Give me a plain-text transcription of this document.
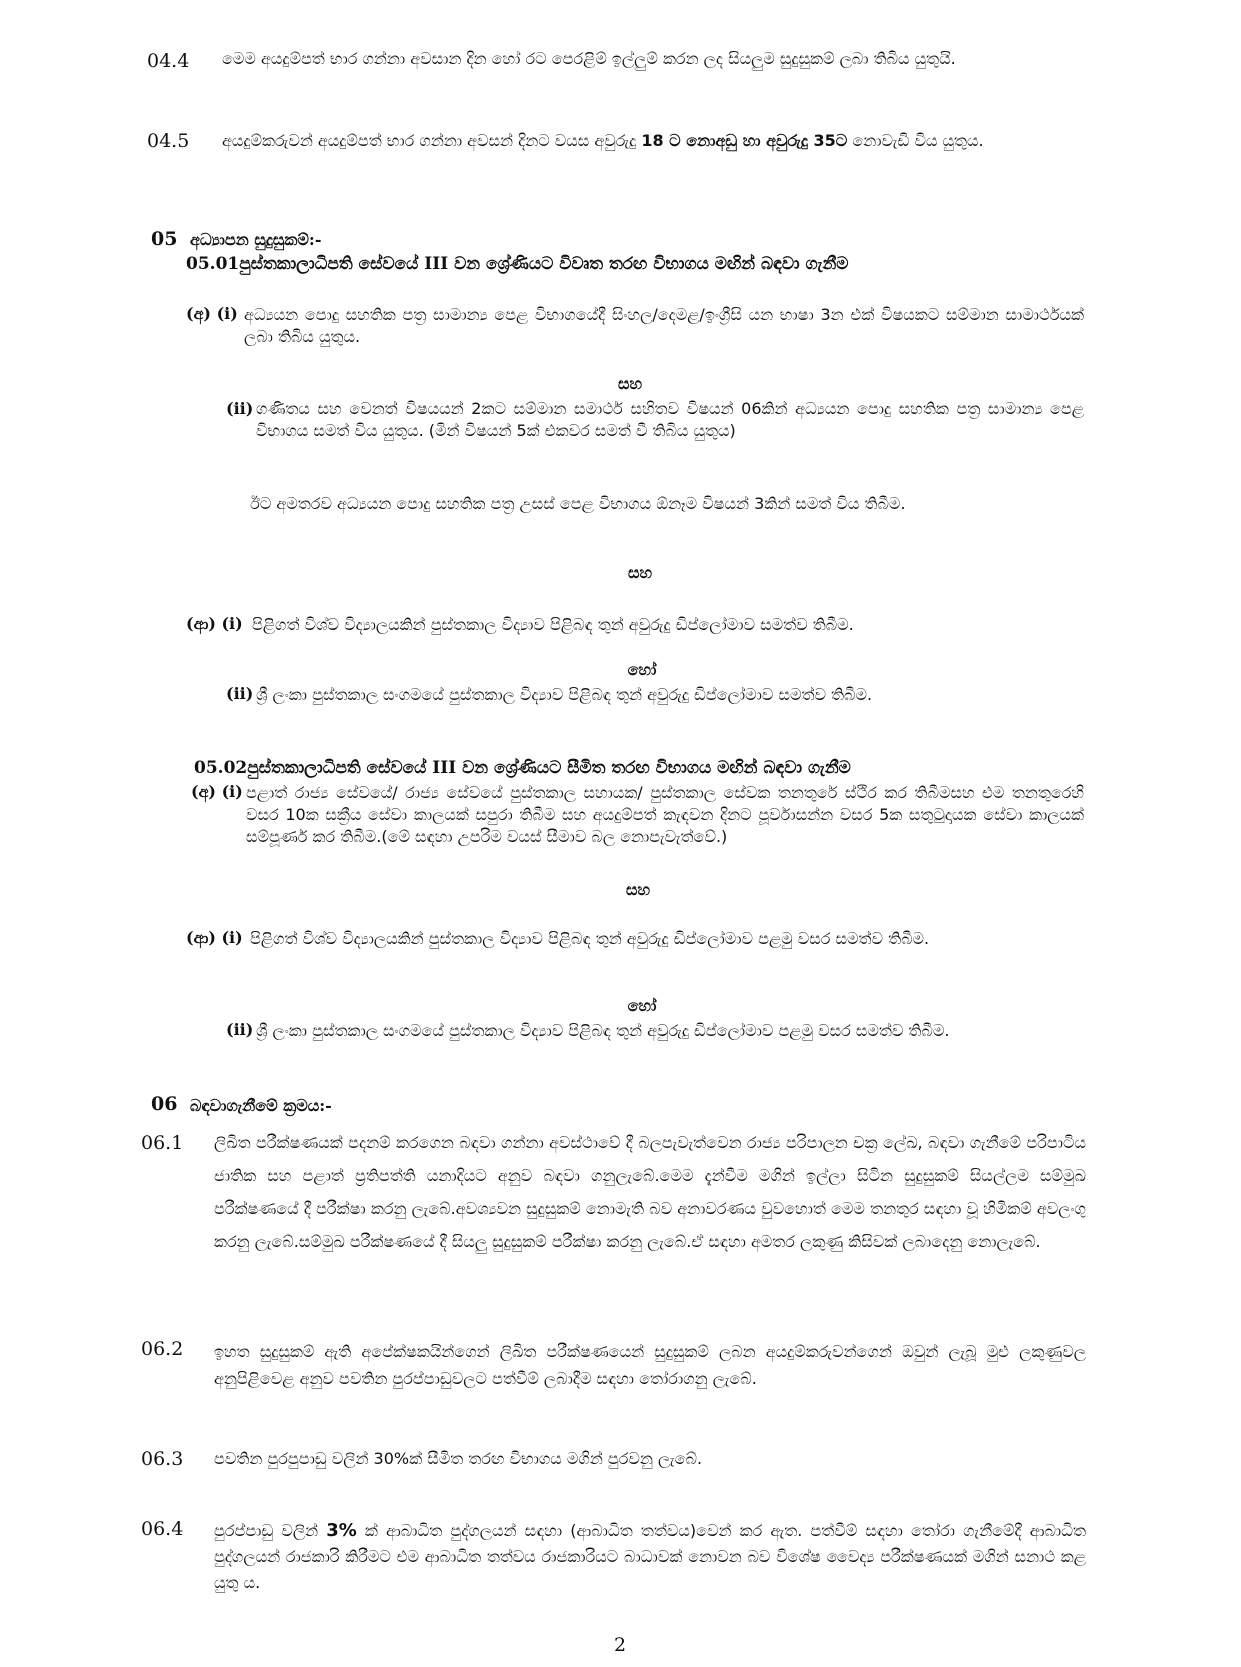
04.4 මෙම අයදුම්පත් භාර ගන්නා අවසාන දින හෝ රට පෙරළිම් ඉල්ලුම් කරන ලද සියලුම සුදුසුකම් ලබා තිබිය යුතුයි.
04.5 අයදුම්කරුවන් අයදුම්පත් භාර ගන්නා අවසන් දිනට වයස අවුරුදු 18 ට නොඅඩු හා අවුරුදු 35ට නොවැඩි විය යුතුය.
05 අධ්‍යාපන සුදුසුකම්:-
05.01පුස්තකාලාධිපති සේවයේ III වන ශ්‍රේණියට විවෘත තරඟ විභාගය මඟින් බඳවා ගැනීම
(අ) (i) අධ්‍යයන පොදු සහතික පත්‍ර සාමාන්‍ය පෙළ විභාගයේදී සිංහල/දෙමළ/ඉංග්‍රීසි යන භාෂා 3න එක් විෂයකට සම්මාන සාමාර්ථයක් ලබා තිබිය යුතුය.
සහ
(ii) ගණිතය සහ වෙනත් විෂයයන් 2කට සම්මාන සමාර්ථ සහිතව විෂයන් 06කින් අධ්‍යයන පොදු සහතික පත්‍ර සාමාන්‍ය පෙළ විභාගය සමත් විය යුතුය. (මින් විෂයන් 5ක් එකවර සමත් වී තිබිය යුතුය)
ඊට අමතරව අධ්‍යයන පොදු සහතික පත්‍ර උසස් පෙළ විභාගය ඕනෑම විෂයන් 3කින් සමත් විය තිබීම.
සහ
(ආ) (i) පිළිගත් විශ්ව විද්‍යාලයකින් පුස්තකාල විද්‍යාව පිළිබඳ තුන් අවුරුදු ඩිප්ලෝමාව සමත්ව තිබීම.
හෝ
(ii) ශ්‍රී ලංකා පුස්තකාල සංගමයේ පුස්තකාල විද්‍යාව පිළිබඳ තුන් අවුරුදු ඩිප්ලෝමාව සමත්ව තිබීම.
05.02පුස්තකාලාධිපති සේවයේ III වන ශ්‍රේණියට සීමිත තරඟ විභාගය මඟින් බඳවා ගැනීම
(අ) (i) පළාත් රාජ්‍ය සේවයේ/ රාජ්‍ය සේවයේ පුස්තකාල සහායක/ පුස්තකාල සේවක තනතුරේ ස්ථිර කර තිබීමසහ එම තනතුරෙහි වසර 10ක සක්‍රීය සේවා කාලයක් සපුරා තිබීම සහ අයදුම්පත් කැඳවන දිනට පූර්වාසන්න වසර 5ක සතුටුදායක සේවා කාලයක් සම්පූර්ණ කර තිබීම.(මේ සඳහා උපරිම වයස් සීමාව බල නොපැවැත්වේ.)
සහ
(ආ) (i) පිළිගත් විශ්ව විද්‍යාලයකින් පුස්තකාල විද්‍යාව පිළිබඳ තුන් අවුරුදු ඩිප්ලෝමාව පළමු වසර සමත්ව තිබීම.
හෝ
(ii) ශ්‍රී ලංකා පුස්තකාල සංගමයේ පුස්තකාල විද්‍යාව පිළිබඳ තුන් අවුරුදු ඩිප්ලෝමාව පළමු වසර සමත්ව තිබීම.
06 බඳවාගැනීමේ ක්‍රමය:-
06.1 ලිඛිත පරීක්ෂණයක් පදනම් කරගෙන බඳවා ගන්නා අවස්ථාවේ දී බලපැවැත්වෙන රාජ්‍ය පරිපාලන චක්‍ර ලේඛ, බඳවා ගැනීමේ පරිපාටිය ජාතික සහ පළාත් ප්‍රතිපත්ති යනාදියට අනුව බඳවා ගනුලැබේ.මෙම දැන්වීම මගින් ඉල්ලා සිටින සුදුසුකම් සියල්ලම සම්මුඛ පරීක්ෂණයේ දී පරීක්ෂා කරනු ලැබේ.අවශ්‍යවන සුදුසුකම් නොමැති බව අනාවරණය වුවහොත් මෙම තනතුර සඳහා වූ හිමිකම් අවලංගු කරනු ලැබේ.සම්මුඛ පරීක්ෂණයේ දී සියලු සුදුසුකම් පරීක්ෂා කරනු ලැබේ.ඒ සඳහා අමතර ලකුණු කිසිවක් ලබාදෙනු නොලැබේ.
06.2 ඉහත සුදුසුකම් ඇති අපේක්ෂකයින්ගෙන් ලිඛිත පරීක්ෂණයෙන් සුදුසුකම් ලබන අයදුම්කරුවන්ගෙන් ඔවුන් ලැබූ මුළු ලකුණුවල අනුපිළිවෙළ අනුව පවතින පුරප්පාඩුවලට පත්වීම් ලබාදීම සඳහා තෝරාගනු ලැබේ.
06.3 පවතින පුරපුපාඩු වලින් 30%ක් සීමිත තරඟ විභාගය මගින් පුරවනු ලැබේ.
06.4 පුරප්පාඩු වලින් 3% ක් ආබාධිත පුද්ගලයන් සඳහා (ආබාධිත තත්වය)වෙන් කර ඇත. පත්වීම් සඳහා තෝරා ගැනීමේදී ආබාධිත පුද්ගලයන් රාජකාරි කිරීමට එම ආබාධිත තත්වය රාජකාරියට බාධාවක් නොවන බව විශේෂ වෛද්‍ය පරීක්ෂණයක් මගින් සනාථ කළ යුතු ය.
2
